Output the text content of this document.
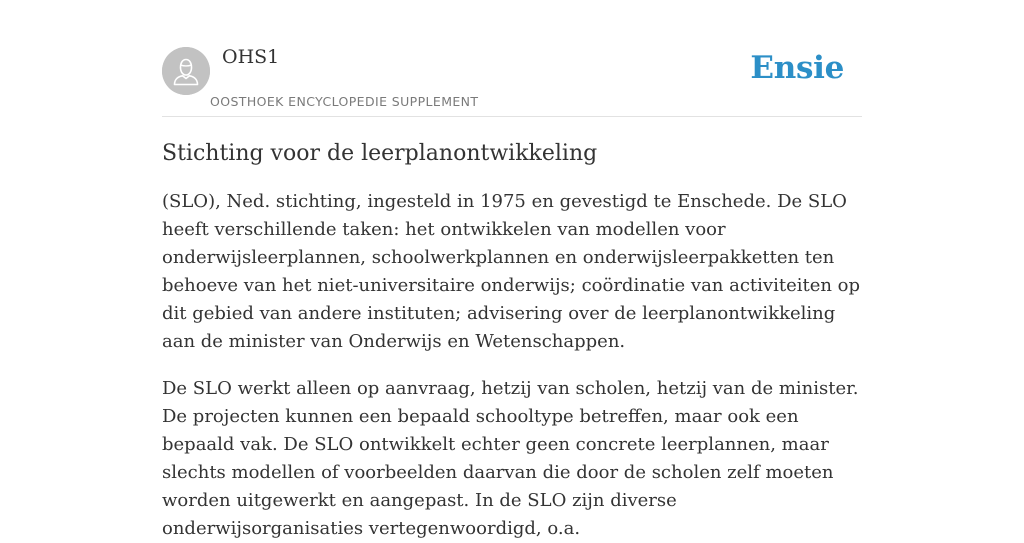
OHS1
OOSTHOEK ENCYCLOPEDIE SUPPLEMENT
Ensie
Stichting voor de leerplanontwikkeling

(SLO), Ned. stichting, ingesteld in 1975 en gevestigd te Enschede. De SLO heeft verschillende taken: het ontwikkelen van modellen voor onderwijsleerplannen, schoolwerkplannen en onderwijsleerpakketten ten behoeve van het niet-universitaire onderwijs; coördinatie van activiteiten op dit gebied van andere instituten; advisering over de leerplanontwikkeling aan de minister van Onderwijs en Wetenschappen.

De SLO werkt alleen op aanvraag, hetzij van scholen, hetzij van de minister. De projecten kunnen een bepaald schooltype betreffen, maar ook een bepaald vak. De SLO ontwikkelt echter geen concrete leerplannen, maar slechts modellen of voorbeelden daarvan die door de scholen zelf moeten worden uitgewerkt en aangepast. In de SLO zijn diverse onderwijsorganisaties vertegenwoordigd, o.a.
